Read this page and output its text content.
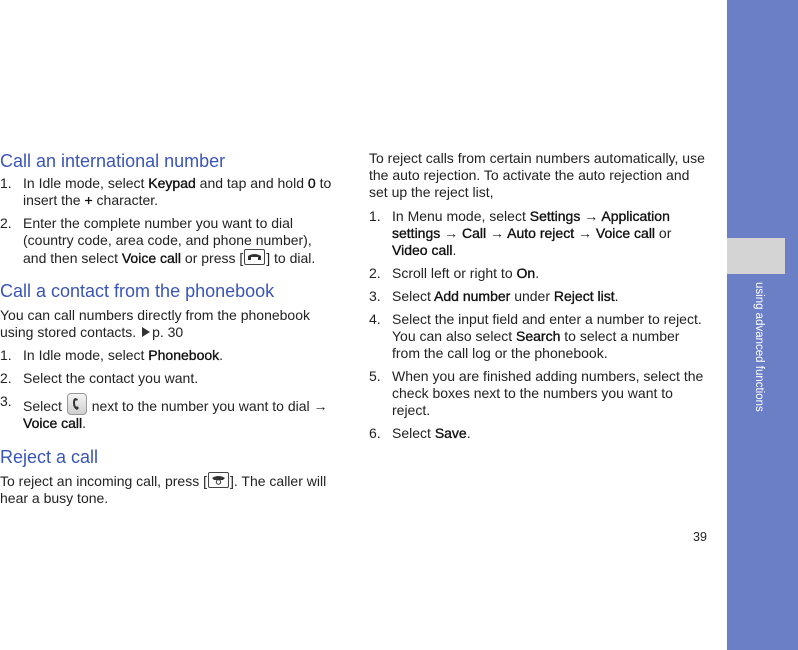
using advanced functions
39
Call an international number
1. In Idle mode, select Keypad and tap and hold 0 to insert the + character.
2. Enter the complete number you want to dial (country code, area code, and phone number), and then select Voice call or press [ ] to dial.
Call a contact from the phonebook

You can call numbers directly from the phonebook using stored contacts. p. 30

1. In Idle mode, select Phonebook.
2. Select the contact you want.
3. Select
next to the number you want to dial → Voice call.
Reject a call

To reject an incoming call, press [ ]. The caller will hear a busy tone.

To reject calls from certain numbers automatically, use the auto rejection. To activate the auto rejection and set up the reject list,

1. In Menu mode, select Settings → Application settings → Call → Auto reject → Voice call or Video call.
2. Scroll left or right to On.
3. Select Add number under Reject list.
4. Select the input field and enter a number to reject. You can also select Search to select a number from the call log or the phonebook.
5. When you are finished adding numbers, select the check boxes next to the numbers you want to reject.
6. Select Save.
